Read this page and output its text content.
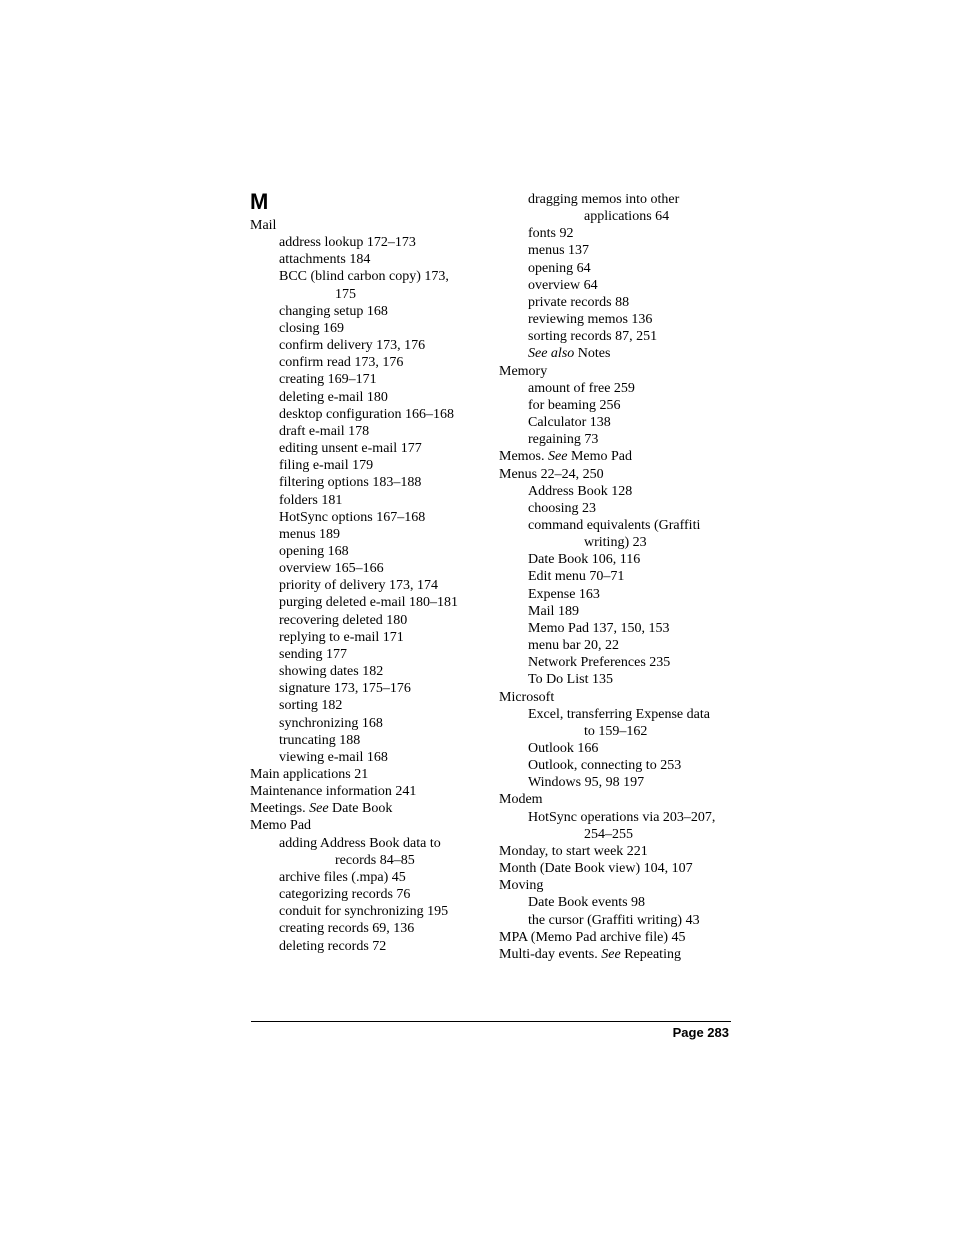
M
Mail
address lookup 172–173
attachments 184
BCC (blind carbon copy) 173,
175
changing setup 168
closing 169
confirm delivery 173, 176
confirm read 173, 176
creating 169–171
deleting e-mail 180
desktop configuration 166–168
draft e-mail 178
editing unsent e-mail 177
filing e-mail 179
filtering options 183–188
folders 181
HotSync options 167–168
menus 189
opening 168
overview 165–166
priority of delivery 173, 174
purging deleted e-mail 180–181
recovering deleted 180
replying to e-mail 171
sending 177
showing dates 182
signature 173, 175–176
sorting 182
synchronizing 168
truncating 188
viewing e-mail 168
Main applications 21
Maintenance information 241
Meetings. See Date Book
Memo Pad
adding Address Book data to
records 84–85
archive files (.mpa) 45
categorizing records 76
conduit for synchronizing 195
creating records 69, 136
deleting records 72
dragging memos into other
applications 64
fonts 92
menus 137
opening 64
overview 64
private records 88
reviewing memos 136
sorting records 87, 251
See also Notes
Memory
amount of free 259
for beaming 256
Calculator 138
regaining 73
Memos. See Memo Pad
Menus 22–24, 250
Address Book 128
choosing 23
command equivalents (Graffiti
writing) 23
Date Book 106, 116
Edit menu 70–71
Expense 163
Mail 189
Memo Pad 137, 150, 153
menu bar 20, 22
Network Preferences 235
To Do List 135
Microsoft
Excel, transferring Expense data
to 159–162
Outlook 166
Outlook, connecting to 253
Windows 95, 98 197
Modem
HotSync operations via 203–207,
254–255
Monday, to start week 221
Month (Date Book view) 104, 107
Moving
Date Book events 98
the cursor (Graffiti writing) 43
MPA (Memo Pad archive file) 45
Multi-day events. See Repeating
Page 283
